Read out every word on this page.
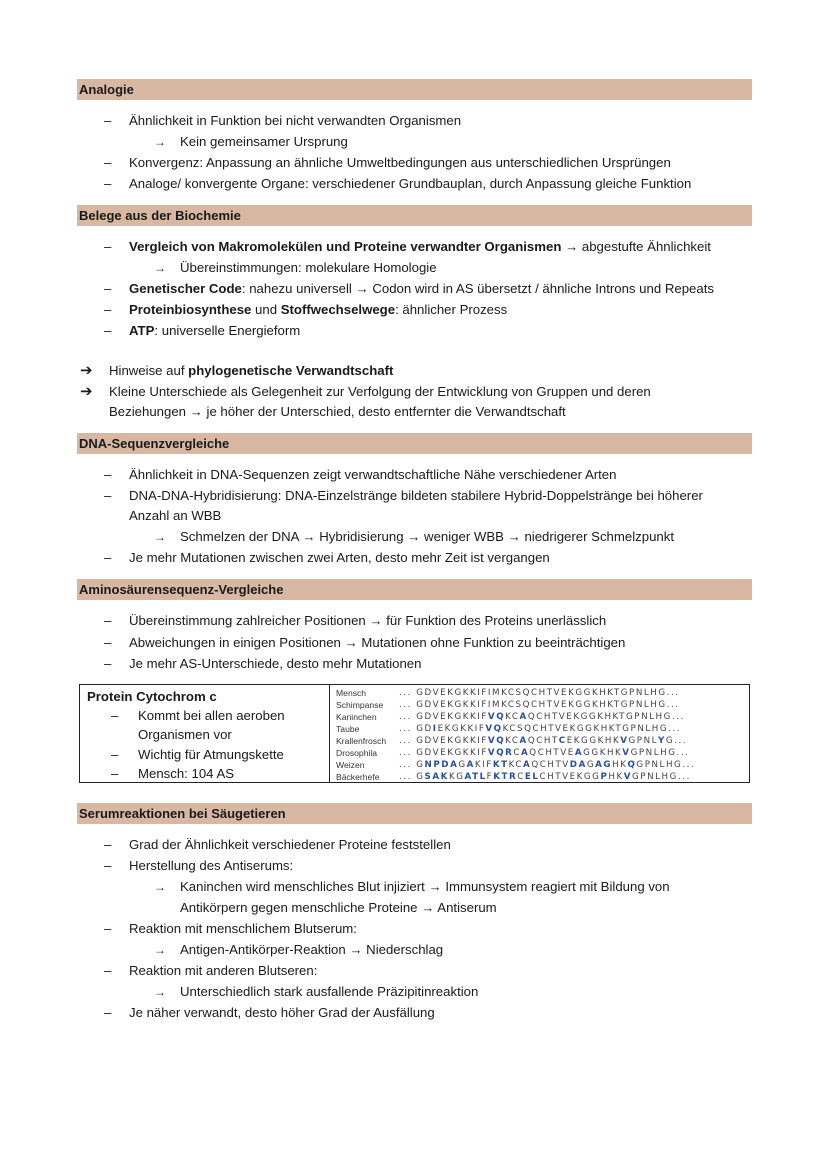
Analogie
– Ähnlichkeit in Funktion bei nicht verwandten Organismen
→ Kein gemeinsamer Ursprung
– Konvergenz: Anpassung an ähnliche Umweltbedingungen aus unterschiedlichen Ursprüngen
– Analoge/ konvergente Organe: verschiedener Grundbauplan, durch Anpassung gleiche Funktion
Belege aus der Biochemie
– Vergleich von Makromolekülen und Proteine verwandter Organismen → abgestufte Ähnlichkeit
→ Übereinstimmungen: molekulare Homologie
– Genetischer Code: nahezu universell → Codon wird in AS übersetzt / ähnliche Introns und Repeats
– Proteinbiosynthese und Stoffwechselwege: ähnlicher Prozess
– ATP: universelle Energieform
➔ Hinweise auf phylogenetische Verwandtschaft
➔ Kleine Unterschiede als Gelegenheit zur Verfolgung der Entwicklung von Gruppen und deren
Beziehungen → je höher der Unterschied, desto entfernter die Verwandtschaft
DNA-Sequenzvergleiche
– Ähnlichkeit in DNA-Sequenzen zeigt verwandtschaftliche Nähe verschiedener Arten
– DNA-DNA-Hybridisierung: DNA-Einzelstränge bildeten stabilere Hybrid-Doppelstränge bei höherer
Anzahl an WBB
→ Schmelzen der DNA → Hybridisierung → weniger WBB → niedrigerer Schmelzpunkt
– Je mehr Mutationen zwischen zwei Arten, desto mehr Zeit ist vergangen
Aminosäurensequenz-Vergleiche
– Übereinstimmung zahlreicher Positionen → für Funktion des Proteins unerlässlich
– Abweichungen in einigen Positionen → Mutationen ohne Funktion zu beeinträchtigen
– Je mehr AS-Unterschiede, desto mehr Mutationen
Protein Cytochrom c
– Kommt bei allen aeroben
Organismen vor
– Wichtig für Atmungskette
– Mensch: 104 AS
Mensch	... GDVEKGKKIFIMKCSQCHTVEKGGKHKTGPNLHG...
Schimpanse ... GDVEKGKKIFIMKCSQCHTVEKGGKHKTGPNLHG...
Kaninchen	... GDVEKGKKIFVQKCAQCHTVEKGGKHKTGPNLHG...
Taube	... GDIEKGKKIFVQKCSQCHTVEKGGKHKTGPNLHG...
Krallenfrosch ... GDVEKGKKIFVQKCAQCHTCEKGGKHKVGPNLYG...
Drosophila	... GDVEKGKKIFVQRCAQCHTVEAGGKHKVGPNLHG...
Weizen	... GNPDAGAKIFKTKCAQCHTVDAGAGHKQGPNLHG...
Bäckerhefe ... GSAKKGATLFKTRCELCHTVEKGGPHKVGPNLHG...
Serumreaktionen bei Säugetieren
– Grad der Ähnlichkeit verschiedener Proteine feststellen
– Herstellung des Antiserums:
→ Kaninchen wird menschliches Blut injiziert → Immunsystem reagiert mit Bildung von
Antikörpern gegen menschliche Proteine → Antiserum
– Reaktion mit menschlichem Blutserum:
→ Antigen-Antikörper-Reaktion → Niederschlag
– Reaktion mit anderen Blutseren:
→ Unterschiedlich stark ausfallende Präzipitinreaktion
– Je näher verwandt, desto höher Grad der Ausfällung
